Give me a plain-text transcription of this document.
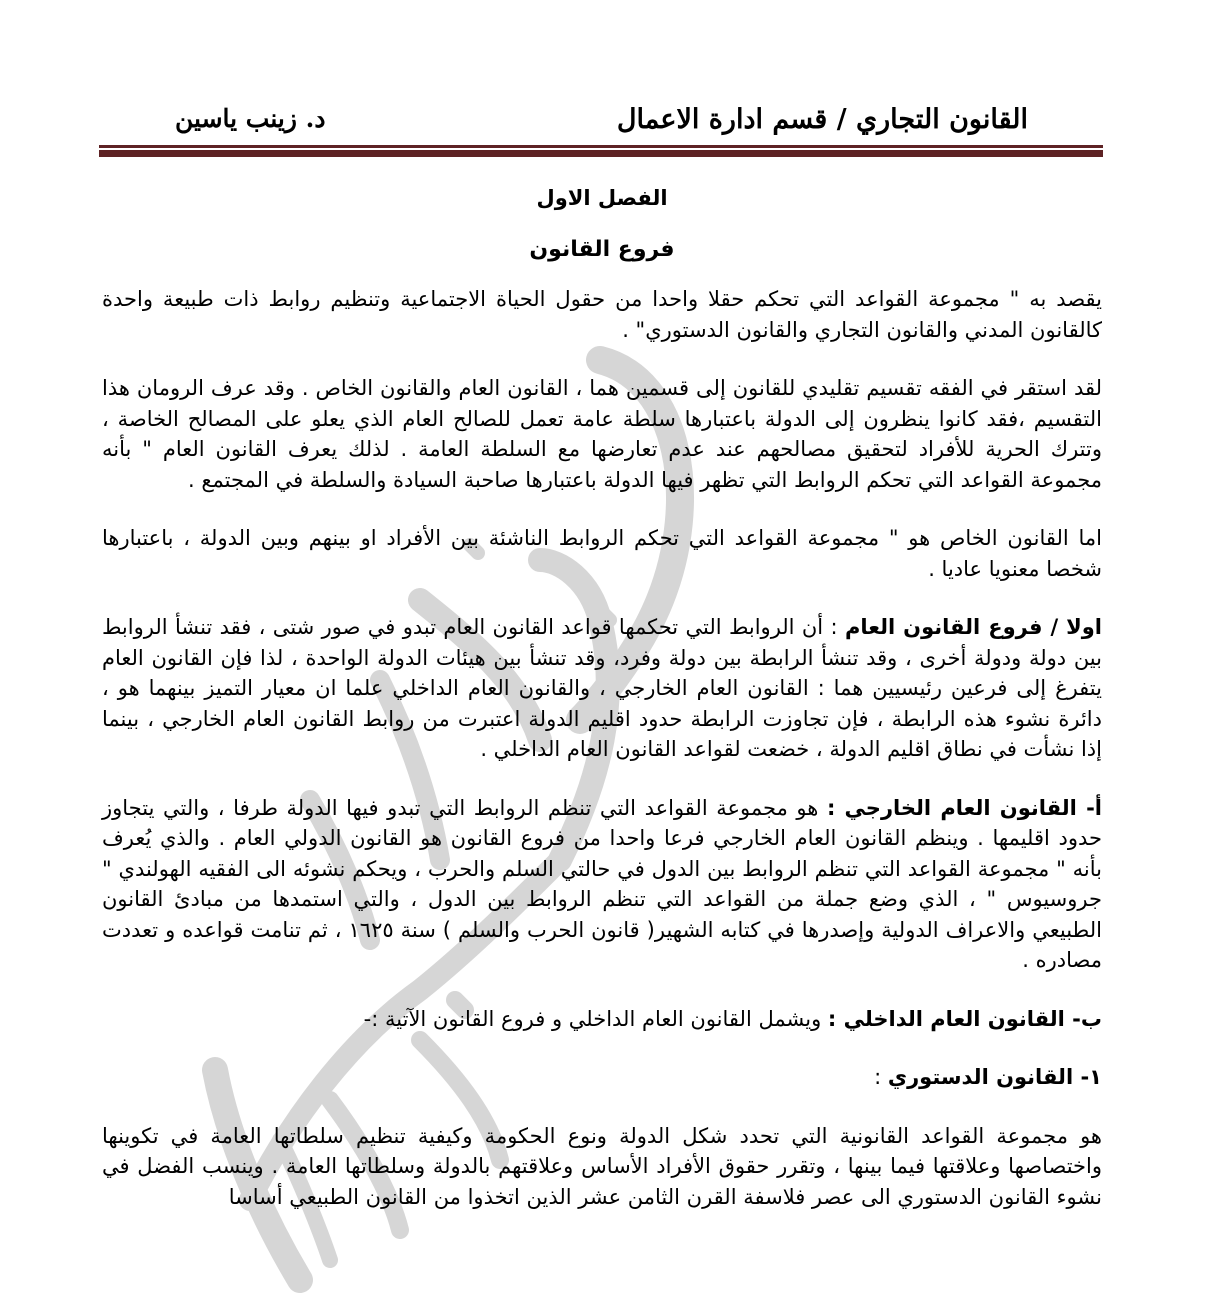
القانون التجاري / قسم ادارة الاعمال
د. زينب ياسين
الفصل الاول
فروع القانون

يقصد به " مجموعة القواعد التي تحكم حقلا واحدا من حقول الحياة الاجتماعية وتنظيم روابط ذات طبيعة واحدة كالقانون المدني والقانون التجاري والقانون الدستوري" .

لقد استقر في الفقه تقسيم تقليدي للقانون إلى قسمين هما ، القانون العام والقانون الخاص . وقد عرف الرومان هذا التقسيم ،فقد كانوا ينظرون إلى الدولة باعتبارها سلطة عامة تعمل للصالح العام الذي يعلو على المصالح الخاصة ، وتترك الحرية للأفراد لتحقيق مصالحهم عند عدم تعارضها مع السلطة العامة . لذلك يعرف القانون العام " بأنه مجموعة القواعد التي تحكم الروابط التي تظهر فيها الدولة باعتبارها صاحبة السيادة والسلطة في المجتمع .

اما القانون الخاص هو " مجموعة القواعد التي تحكم الروابط الناشئة بين الأفراد او بينهم وبين الدولة ، باعتبارها شخصا معنويا عاديا .

اولا / فروع القانون العام : أن الروابط التي تحكمها قواعد القانون العام تبدو في صور شتى ، فقد تنشأ الروابط بين دولة ودولة أخرى ، وقد تنشأ الرابطة بين دولة وفرد، وقد تنشأ بين هيئات الدولة الواحدة ، لذا فإن القانون العام يتفرغ إلى فرعين رئيسيين هما : القانون العام الخارجي ، والقانون العام الداخلي علما ان معيار التميز بينهما هو ، دائرة نشوء هذه الرابطة ، فإن تجاوزت الرابطة حدود اقليم الدولة اعتبرت من روابط القانون العام الخارجي ، بينما إذا نشأت في نطاق اقليم الدولة ، خضعت لقواعد القانون العام الداخلي .

أ- القانون العام الخارجي : هو مجموعة القواعد التي تنظم الروابط التي تبدو فيها الدولة طرفا ، والتي يتجاوز حدود اقليمها . وينظم القانون العام الخارجي فرعا واحدا من فروع القانون هو القانون الدولي العام . والذي يُعرف بأنه " مجموعة القواعد التي تنظم الروابط بين الدول في حالتي السلم والحرب ، ويحكم نشوئه الى الفقيه الهولندي " جروسيوس " ، الذي وضع جملة من القواعد التي تنظم الروابط بين الدول ، والتي استمدها من مبادئ القانون الطبيعي والاعراف الدولية وإصدرها في كتابه الشهير( قانون الحرب والسلم ) سنة ١٦٢٥ ، ثم تنامت قواعده و تعددت مصادره .

ب- القانون العام الداخلي : ويشمل القانون العام الداخلي و فروع القانون الآتية :-

١- القانون الدستوري :

هو مجموعة القواعد القانونية التي تحدد شكل الدولة ونوع الحكومة وكيفية تنظيم سلطاتها العامة في تكوينها واختصاصها وعلاقتها فيما بينها ، وتقرر حقوق الأفراد الأساس وعلاقتهم بالدولة وسلطاتها العامة . وينسب الفضل في نشوء القانون الدستوري الى عصر فلاسفة القرن الثامن عشر الذين اتخذوا من القانون الطبيعي أساسا
